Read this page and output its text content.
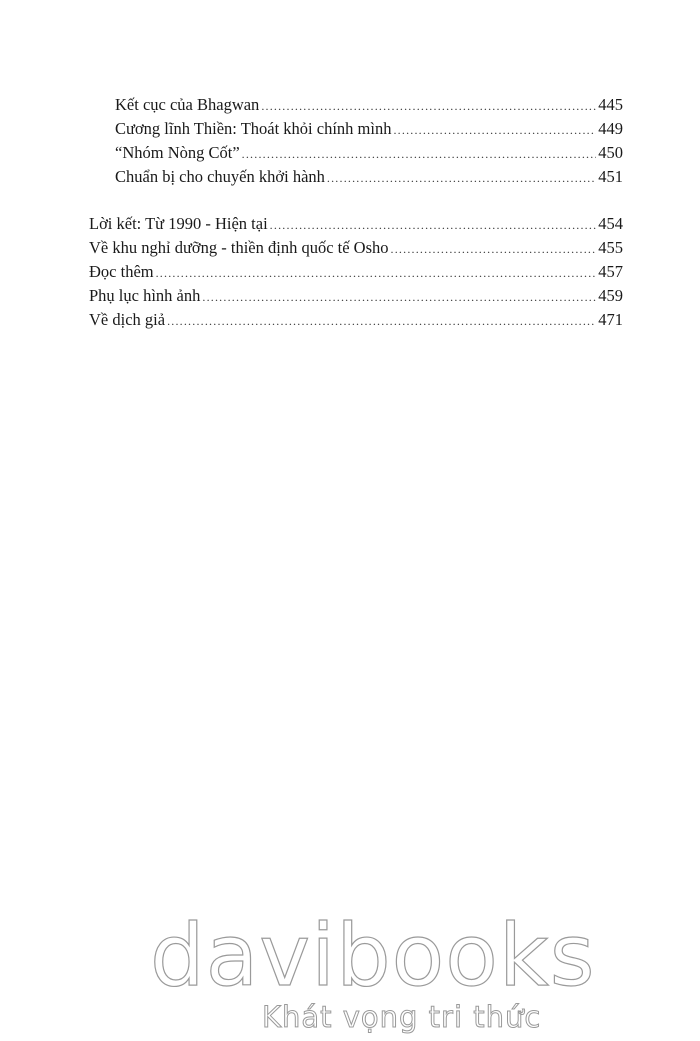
Kết cục của Bhagwan .....	445
Cương lĩnh Thiền: Thoát khỏi chính mình .....	449
“Nhóm Nòng Cốt” .....	450
Chuẩn bị cho chuyến khởi hành .....	451
Lời kết: Từ 1990 - Hiện tại .....	454
Về khu nghỉ dưỡng - thiền định quốc tế Osho .....	455
Đọc thêm .....	457
Phụ lục hình ảnh .....	459
Về dịch giả .....	471
davibooks
Khát vọng tri thức
